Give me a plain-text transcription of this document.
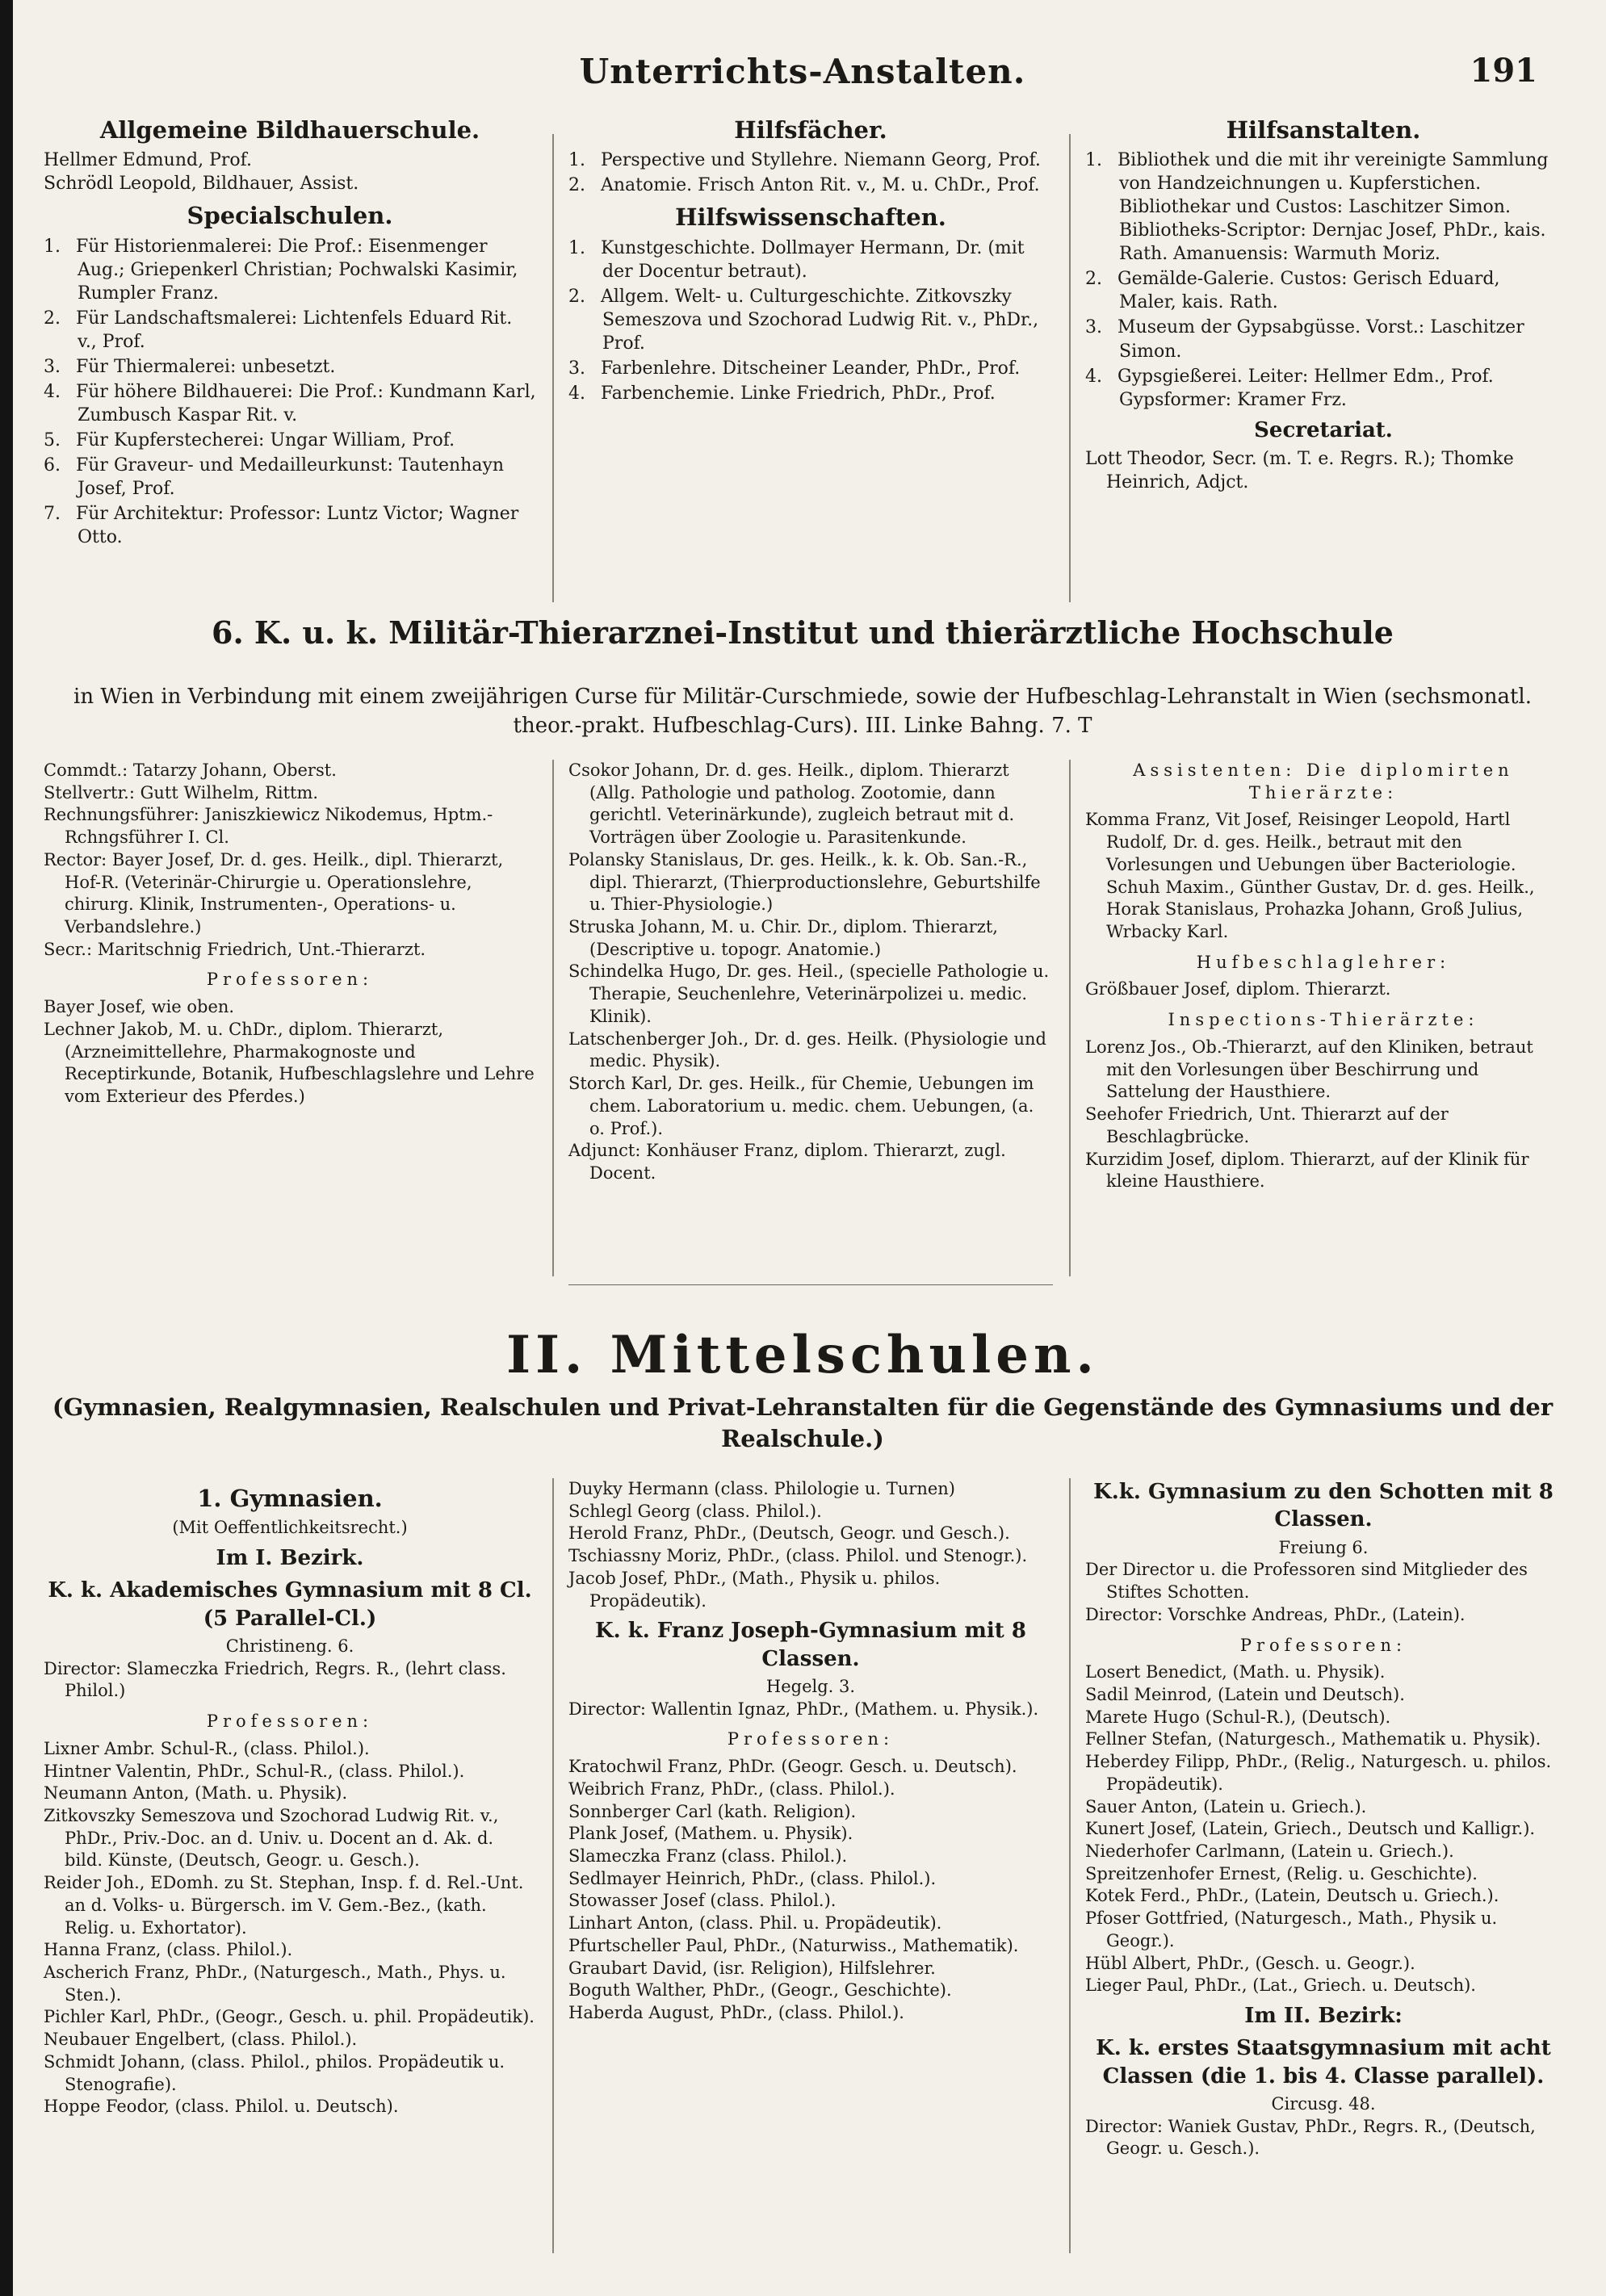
Unterrichts-Anstalten.	191
Allgemeine Bildhauerschule.

Hellmer Edmund, Prof.

Schrödl Leopold, Bildhauer, Assist.

Specialschulen.
1. Für Historienmalerei: Die Prof.: Eisenmenger Aug.; Griepenkerl Christian; Pochwalski Kasimir, Rumpler Franz.
2. Für Landschaftsmalerei: Lichtenfels Eduard Rit. v., Prof.
3. Für Thiermalerei: unbesetzt.
4. Für höhere Bildhauerei: Die Prof.: Kundmann Karl, Zumbusch Kaspar Rit. v.
5. Für Kupferstecherei: Ungar William, Prof.
6. Für Graveur- und Medailleurkunst: Tautenhayn Josef, Prof.
7. Für Architektur: Professor: Luntz Victor; Wagner Otto.
Hilfsfächer.
1. Perspective und Styllehre. Niemann Georg, Prof.
2. Anatomie. Frisch Anton Rit. v., M. u. ChDr., Prof.
Hilfswissenschaften.
1. Kunstgeschichte. Dollmayer Hermann, Dr. (mit der Docentur betraut).
2. Allgem. Welt- u. Culturgeschichte. Zitkovszky Semeszova und Szochorad Ludwig Rit. v., PhDr., Prof.
3. Farbenlehre. Ditscheiner Leander, PhDr., Prof.
4. Farbenchemie. Linke Friedrich, PhDr., Prof.
Hilfsanstalten.
1. Bibliothek und die mit ihr vereinigte Sammlung von Handzeichnungen u. Kupferstichen. Bibliothekar und Custos: Laschitzer Simon. Bibliotheks-Scriptor: Dernjac Josef, PhDr., kais. Rath. Amanuensis: Warmuth Moriz.
2. Gemälde-Galerie. Custos: Gerisch Eduard, Maler, kais. Rath.
3. Museum der Gypsabgüsse. Vorst.: Laschitzer Simon.
4. Gypsgießerei. Leiter: Hellmer Edm., Prof. Gypsformer: Kramer Frz.
Secretariat.

Lott Theodor, Secr. (m. T. e. Regrs. R.); Thomke Heinrich, Adjct.

6. K. u. k. Militär-Thierarznei-Institut und thierärztliche Hochschule
in Wien in Verbindung mit einem zweijährigen Curse für Militär-Curschmiede, sowie der Hufbeschlag-Lehranstalt in Wien (sechsmonatl. theor.-prakt. Hufbeschlag-Curs). III. Linke Bahng. 7. T

Commdt.: Tatarzy Johann, Oberst.

Stellvertr.: Gutt Wilhelm, Rittm.

Rechnungsführer: Janiszkiewicz Nikodemus, Hptm.-Rchngsführer I. Cl.

Rector: Bayer Josef, Dr. d. ges. Heilk., dipl. Thierarzt, Hof-R. (Veterinär-Chirurgie u. Operationslehre, chirurg. Klinik, Instrumenten-, Operations- u. Verbandslehre.)

Secr.: Maritschnig Friedrich, Unt.-Thierarzt.

Professoren:

Bayer Josef, wie oben.

Lechner Jakob, M. u. ChDr., diplom. Thierarzt, (Arzneimittellehre, Pharmakognoste und Receptirkunde, Botanik, Hufbeschlagslehre und Lehre vom Exterieur des Pferdes.)

Csokor Johann, Dr. d. ges. Heilk., diplom. Thierarzt (Allg. Pathologie und patholog. Zootomie, dann gerichtl. Veterinärkunde), zugleich betraut mit d. Vorträgen über Zoologie u. Parasitenkunde.

Polansky Stanislaus, Dr. ges. Heilk., k. k. Ob. San.-R., dipl. Thierarzt, (Thierproductionslehre, Geburtshilfe u. Thier-Physiologie.)

Struska Johann, M. u. Chir. Dr., diplom. Thierarzt, (Descriptive u. topogr. Anatomie.)

Schindelka Hugo, Dr. ges. Heil., (specielle Pathologie u. Therapie, Seuchenlehre, Veterinärpolizei u. medic. Klinik).

Latschenberger Joh., Dr. d. ges. Heilk. (Physiologie und medic. Physik).

Storch Karl, Dr. ges. Heilk., für Chemie, Uebungen im chem. Laboratorium u. medic. chem. Uebungen, (a. o. Prof.).

Adjunct: Konhäuser Franz, diplom. Thierarzt, zugl. Docent.

Assistenten: Die diplomirten Thierärzte:

Komma Franz, Vit Josef, Reisinger Leopold, Hartl Rudolf, Dr. d. ges. Heilk., betraut mit den Vorlesungen und Uebungen über Bacteriologie. Schuh Maxim., Günther Gustav, Dr. d. ges. Heilk., Horak Stanislaus, Prohazka Johann, Groß Julius, Wrbacky Karl.

Hufbeschlaglehrer:

Größbauer Josef, diplom. Thierarzt.

Inspections-Thierärzte:

Lorenz Jos., Ob.-Thierarzt, auf den Kliniken, betraut mit den Vorlesungen über Beschirrung und Sattelung der Hausthiere.

Seehofer Friedrich, Unt. Thierarzt auf der Beschlagbrücke.

Kurzidim Josef, diplom. Thierarzt, auf der Klinik für kleine Hausthiere.

II. Mittelschulen.
(Gymnasien, Realgymnasien, Realschulen und Privat-Lehranstalten für die Gegenstände des Gymnasiums und der Realschule.)
1. Gymnasien.

(Mit Oeffentlichkeitsrecht.)

Im I. Bezirk.
K. k. Akademisches Gymnasium mit 8 Cl. (5 Parallel-Cl.)

Christineng. 6.

Director: Slameczka Friedrich, Regrs. R., (lehrt class. Philol.)

Professoren:

Lixner Ambr. Schul-R., (class. Philol.).

Hintner Valentin, PhDr., Schul-R., (class. Philol.).

Neumann Anton, (Math. u. Physik).

Zitkovszky Semeszova und Szochorad Ludwig Rit. v., PhDr., Priv.-Doc. an d. Univ. u. Docent an d. Ak. d. bild. Künste, (Deutsch, Geogr. u. Gesch.).

Reider Joh., EDomh. zu St. Stephan, Insp. f. d. Rel.-Unt. an d. Volks- u. Bürgersch. im V. Gem.-Bez., (kath. Relig. u. Exhortator).

Hanna Franz, (class. Philol.).

Ascherich Franz, PhDr., (Naturgesch., Math., Phys. u. Sten.).

Pichler Karl, PhDr., (Geogr., Gesch. u. phil. Propädeutik).

Neubauer Engelbert, (class. Philol.).

Schmidt Johann, (class. Philol., philos. Propädeutik u. Stenografie).

Hoppe Feodor, (class. Philol. u. Deutsch).

Duyky Hermann (class. Philologie u. Turnen)

Schlegl Georg (class. Philol.).

Herold Franz, PhDr., (Deutsch, Geogr. und Gesch.).

Tschiassny Moriz, PhDr., (class. Philol. und Stenogr.).

Jacob Josef, PhDr., (Math., Physik u. philos. Propädeutik).

K. k. Franz Joseph-Gymnasium mit 8 Classen.

Hegelg. 3.

Director: Wallentin Ignaz, PhDr., (Mathem. u. Physik.).

Professoren:

Kratochwil Franz, PhDr. (Geogr. Gesch. u. Deutsch).

Weibrich Franz, PhDr., (class. Philol.).

Sonnberger Carl (kath. Religion).

Plank Josef, (Mathem. u. Physik).

Slameczka Franz (class. Philol.).

Sedlmayer Heinrich, PhDr., (class. Philol.).

Stowasser Josef (class. Philol.).

Linhart Anton, (class. Phil. u. Propädeutik).

Pfurtscheller Paul, PhDr., (Naturwiss., Mathematik).

Graubart David, (isr. Religion), Hilfslehrer.

Boguth Walther, PhDr., (Geogr., Geschichte).

Haberda August, PhDr., (class. Philol.).

K.k. Gymnasium zu den Schotten mit 8 Classen.

Freiung 6.

Der Director u. die Professoren sind Mitglieder des Stiftes Schotten.

Director: Vorschke Andreas, PhDr., (Latein).

Professoren:

Losert Benedict, (Math. u. Physik).

Sadil Meinrod, (Latein und Deutsch).

Marete Hugo (Schul-R.), (Deutsch).

Fellner Stefan, (Naturgesch., Mathematik u. Physik).

Heberdey Filipp, PhDr., (Relig., Naturgesch. u. philos. Propädeutik).

Sauer Anton, (Latein u. Griech.).

Kunert Josef, (Latein, Griech., Deutsch und Kalligr.).

Niederhofer Carlmann, (Latein u. Griech.).

Spreitzenhofer Ernest, (Relig. u. Geschichte).

Kotek Ferd., PhDr., (Latein, Deutsch u. Griech.).

Pfoser Gottfried, (Naturgesch., Math., Physik u. Geogr.).

Hübl Albert, PhDr., (Gesch. u. Geogr.).

Lieger Paul, PhDr., (Lat., Griech. u. Deutsch).

Im II. Bezirk:
K. k. erstes Staatsgymnasium mit acht Classen (die 1. bis 4. Classe parallel).

Circusg. 48.

Director: Waniek Gustav, PhDr., Regrs. R., (Deutsch, Geogr. u. Gesch.).
